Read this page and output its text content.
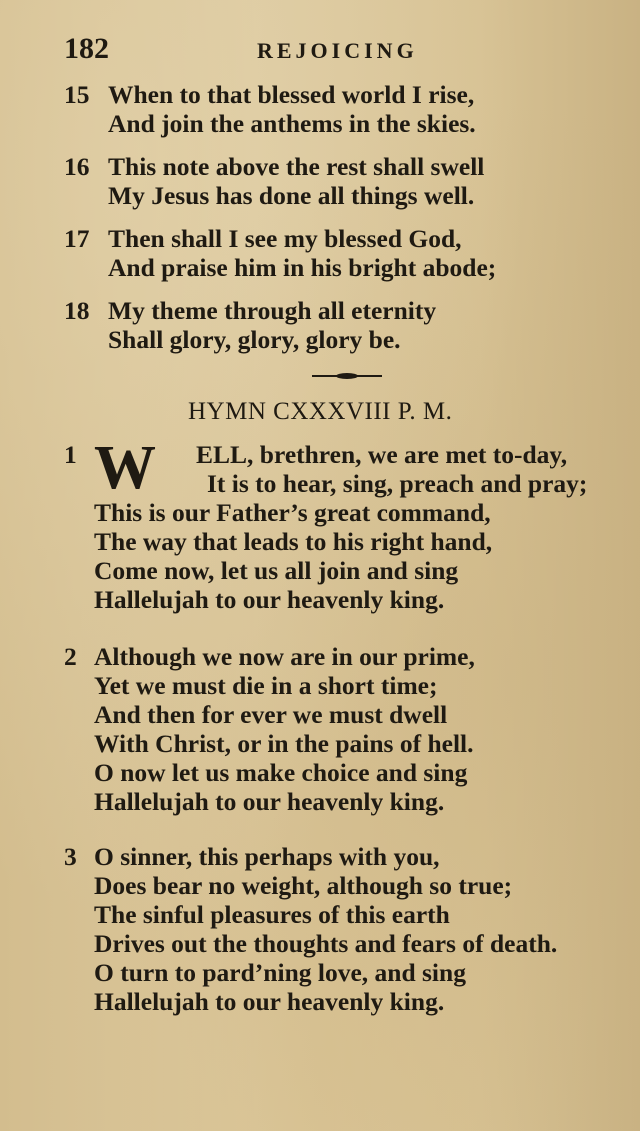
182	REJOICING
15 When to that blessed world I rise,
And join the anthems in the skies.
16 This note above the rest shall swell
My Jesus has done all things well.
17 Then shall I see my blessed God,
And praise him in his bright abode;
18 My theme through all eternity
Shall glory, glory, glory be.
HYMN CXXXVIII P. M.
W
1	ELL, brethren, we are met to-day,
It is to hear, sing, preach and pray;
This is our Father’s great command,
The way that leads to his right hand,
Come now, let us all join and sing
Hallelujah to our heavenly king.
2 Although we now are in our prime,
Yet we must die in a short time;
And then for ever we must dwell
With Christ, or in the pains of hell.
O now let us make choice and sing
Hallelujah to our heavenly king.
3 O sinner, this perhaps with you,
Does bear no weight, although so true;
The sinful pleasures of this earth
Drives out the thoughts and fears of death.
O turn to pard’ning love, and sing
Hallelujah to our heavenly king.
